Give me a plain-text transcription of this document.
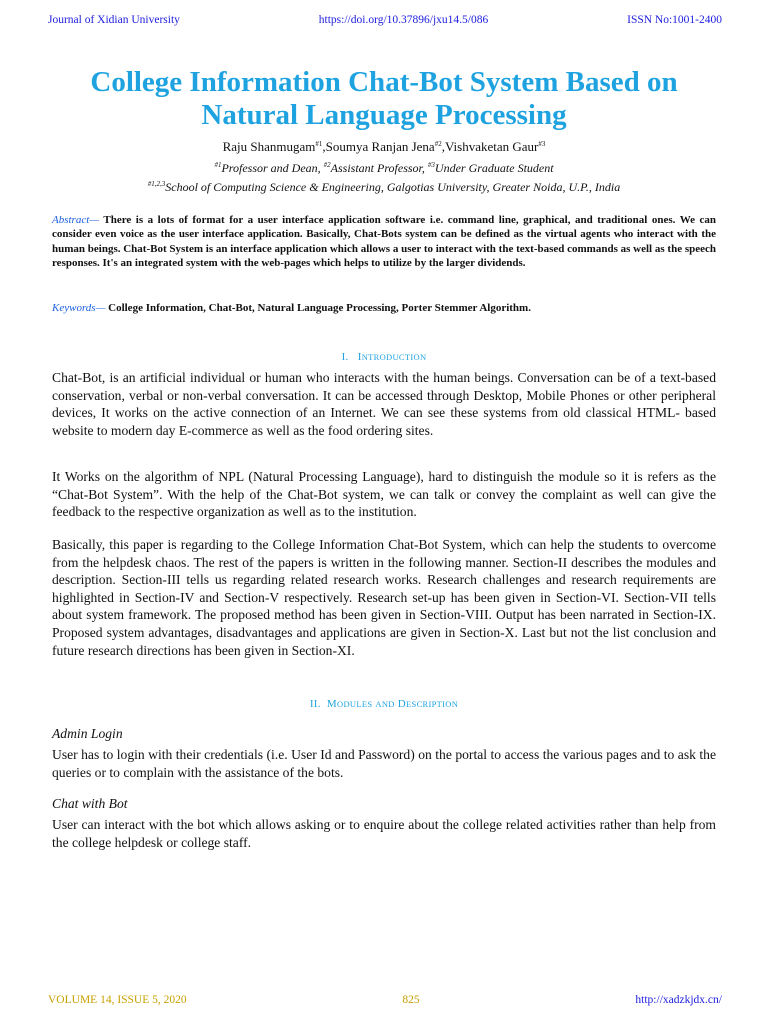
Journal of Xidian University	https://doi.org/10.37896/jxu14.5/086	ISSN No:1001-2400
College Information Chat-Bot System Based on
Natural Language Processing
Raju Shanmugam$^{\#1}$,Soumya Ranjan Jena$^{\#2}$,Vishvaketan Gaur$^{\#3}$
$^{\#1}$Professor and Dean, $^{\#2}$Assistant Professor, $^{\#3}$Under Graduate Student
$^{\#1,2,3}$School of Computing Science & Engineering, Galgotias University, Greater Noida, U.P., India
Abstract— There is a lots of format for a user interface application software i.e. command line, graphical, and traditional ones. We can consider even voice as the user interface application. Basically, Chat-Bots system can be defined as the virtual agents who interact with the human beings. Chat-Bot System is an interface application which allows a user to interact with the text-based commands as well as the speech responses. It's an integrated system with the web-pages which helps to utilize by the larger dividends.
Keywords— College Information, Chat-Bot, Natural Language Processing, Porter Stemmer Algorithm.
I. INTRODUCTION

Chat-Bot, is an artificial individual or human who interacts with the human beings. Conversation can be of a text-based conservation, verbal or non-verbal conversation. It can be accessed through Desktop, Mobile Phones or other peripheral devices, It works on the active connection of an Internet. We can see these systems from old classical HTML- based website to modern day E-commerce as well as the food ordering sites.

It Works on the algorithm of NPL (Natural Processing Language), hard to distinguish the module so it is refers as the “Chat-Bot System”. With the help of the Chat-Bot system, we can talk or convey the complaint as well can give the feedback to the respective organization as well as to the institution.

Basically, this paper is regarding to the College Information Chat-Bot System, which can help the students to overcome from the helpdesk chaos. The rest of the papers is written in the following manner. Section-II describes the modules and description. Section-III tells us regarding related research works. Research challenges and research requirements are highlighted in Section-IV and Section-V respectively. Research set-up has been given in Section-VI. Section-VII tells about system framework. The proposed method has been given in Section-VIII. Output has been narrated in Section-IX. Proposed system advantages, disadvantages and applications are given in Section-X. Last but not the list conclusion and future research directions has been given in Section-XI.

II. MODULES AND DESCRIPTION
Admin Login

User has to login with their credentials (i.e. User Id and Password) on the portal to access the various pages and to ask the queries or to complain with the assistance of the bots.

Chat with Bot

User can interact with the bot which allows asking or to enquire about the college related activities rather than help from the college helpdesk or college staff.

VOLUME 14, ISSUE 5, 2020	825	http://xadzkjdx.cn/
